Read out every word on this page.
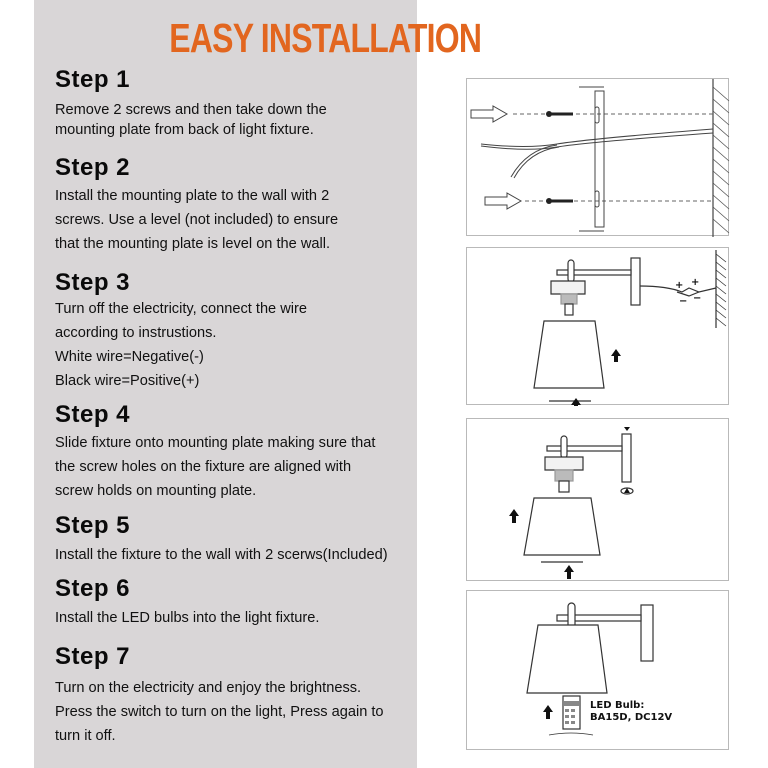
EASY INSTALLATION
Step 1
Remove 2 screws and then take down the
mounting plate from back of light fixture.
Step 2
Install the mounting plate to the wall with 2
screws. Use a level (not included) to ensure
that the mounting plate is level on the wall.
Step 3
Turn off the electricity, connect the wire
according to instrustions.
White wire=Negative(-)
Black wire=Positive(+)
Step 4
Slide fixture onto mounting plate making sure that
the screw holes on the fixture are aligned with
screw holds on mounting plate.
Step 5
Install the fixture to the wall with 2 scerws(Included)
Step 6
Install the LED bulbs into the light fixture.
Step 7
Turn on the electricity and enjoy the brightness.
Press the switch to turn on the light, Press again to
turn it off.
+ +
− −
LED Bulb:
BA15D, DC12V
